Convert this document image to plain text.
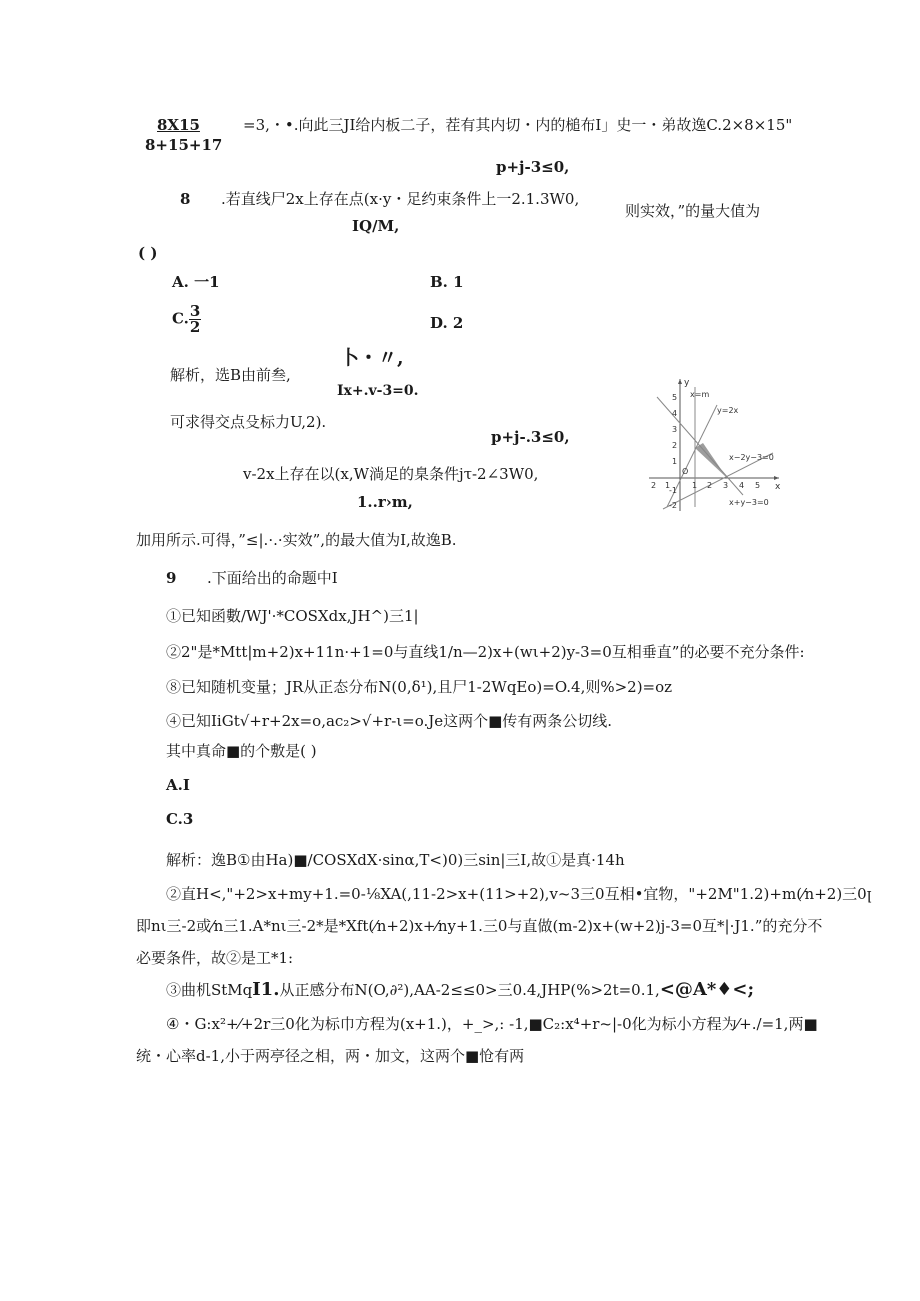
8X15
8+15+17
=3,・•.向此三JI给内板二子，茬有其内切・内的槌布I」史一・弟故逸C.2×8×15"
p+j-3≤0,
8 .若直线尸2x上存在点(x·y・足约束条件上一2.1.3W0,
则实效，”的量大值为
IQ/M,
( )
A. 一1	B. 1
C. $\frac{3}{2}$	D. 2
解析，选B由前叁,
卜・〃,
Ix+.v-3=0.
可求得交点殳标力U,2).
p+j-.3≤0,
v-2x上存在以(x,W淌足的臬条件jτ-2∠3W0,
1..r›m,
加用所示.可得，”≤|.·.·实效”,的最大值为I,故逸B.
y
x
x=m
y=2x
x−2y−3=0
x+y−3=0
O
5
4
3
2
1
-1
-2
2 1	1 2 3 4 5
9 .下面给出的命题中I
①已知函數/WJ'·*COSXdx,JH^)三1|
②2"是*Mtt|m+2)x+11n·+1=0与直线1/n—2)x+(wι+2)y-3=0互相垂直”的必要不充分条件:
⑧已知随机变量；JR从正态分布N(0,δ¹),且尸1-2WqEo)=O.4,则%>2)=oz
④已知IiGt√+r+2x=o,ac₂>√+r-ι=o.Je这两个■传有两条公切线.
其中真命■的个敷是( )
A.I
C.3
解析：逸B①由Ha)■/COSXdX·sinα,T<)0)三sin|三I,故①是真·14h
②直H<,"+2>x+my+1.=0-⅛XA(,11-2>x+(11>+2),v~3三0互相•宜物，"+2M"1.2)+m(⁄n+2)三0ꞁ
即nι三-2或⁄n三1.A*nι三-2*是*Xft(⁄n+2)x+⁄ny+1.三0与直做(m-2)x+(w+2)j-3=0互*|·J1.”的充分不
必要条件，故②是工*1:
③曲机StMqI1.从正感分布N(O,∂²),AA-2≤≤0>三0.4,JHP(%>2t=0.1,<@A*♦<;
④・G:x²+⁄+2r三0化为标巾方程为(x+1.)，+_>,: -1,■C₂:x⁴+r~|-0化为标小方程为⁄+./=1,两■
统・心率d-1,小于两亭径之相，两・加文，这两个■怆有两
